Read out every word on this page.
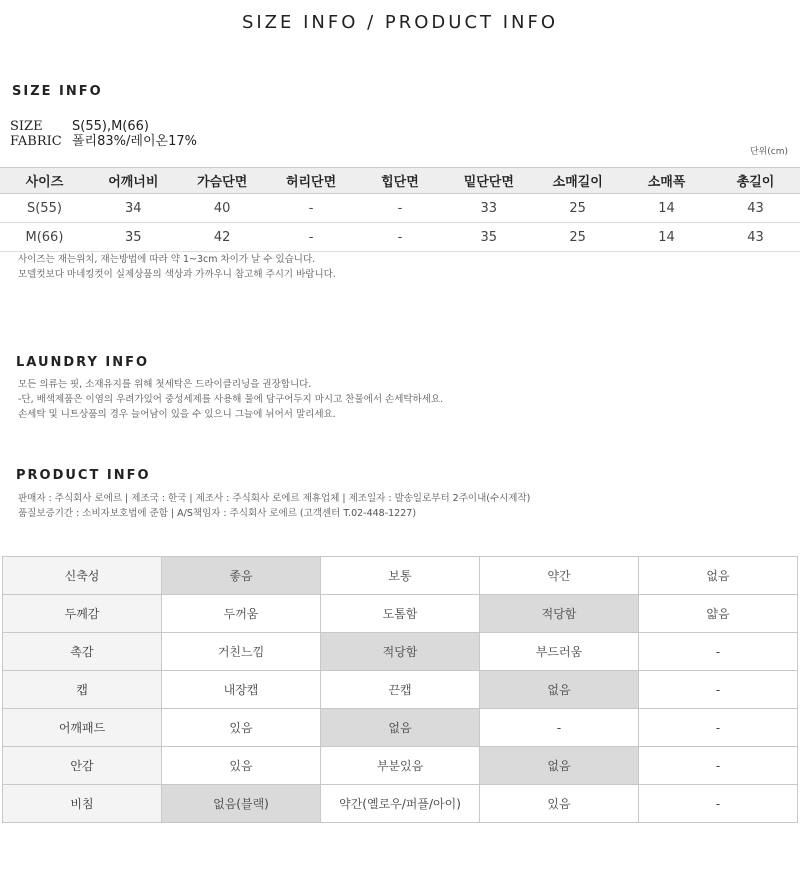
SIZE INFO / PRODUCT INFO
SIZE INFO
SIZE S(55),M(66)
FABRIC 폴리83%/레이온17%
단위(cm)
사이즈	어깨너비	가슴단면	허리단면	힙단면	밑단단면	소매길이	소매폭	총길이
S(55)	34	40	-	-	33	25	14	43
M(66)	35	42	-	-	35	25	14	43
사이즈는 재는위치, 재는방법에 따라 약 1~3cm 차이가 날 수 있습니다.
모델컷보다 마네킹컷이 실제상품의 색상과 가까우니 참고해 주시기 바랍니다.
LAUNDRY INFO
모든 의류는 핏, 소재유지를 위해 첫세탁은 드라이클리닝을 권장합니다.
-단, 배색제품은 이염의 우려가있어 중성세제를 사용해 물에 담구어두지 마시고 찬물에서 손세탁하세요.
손세탁 및 니트상품의 경우 늘어남이 있을 수 있으니 그늘에 뉘어서 말리세요.
PRODUCT INFO
판매자 : 주식회사 로에르 | 제조국 : 한국 | 제조사 : 주식회사 로에르 제휴업체 | 제조일자 : 발송일로부터 2주이내(수시제작)
품질보증기간 : 소비자보호법에 준함 | A/S책임자 : 주식회사 로에르 (고객센터 T.02-448-1227)
신축성	좋음	보통	약간	없음
두께감	두꺼움	도톰함	적당함	얇음
촉감	거친느낌	적당함	부드러움	-
캡	내장캡	끈캡	없음	-
어깨패드	있음	없음	-	-
안감	있음	부분있음	없음	-
비침	없음(블랙)	약간(옐로우/퍼플/아이)	있음	-
